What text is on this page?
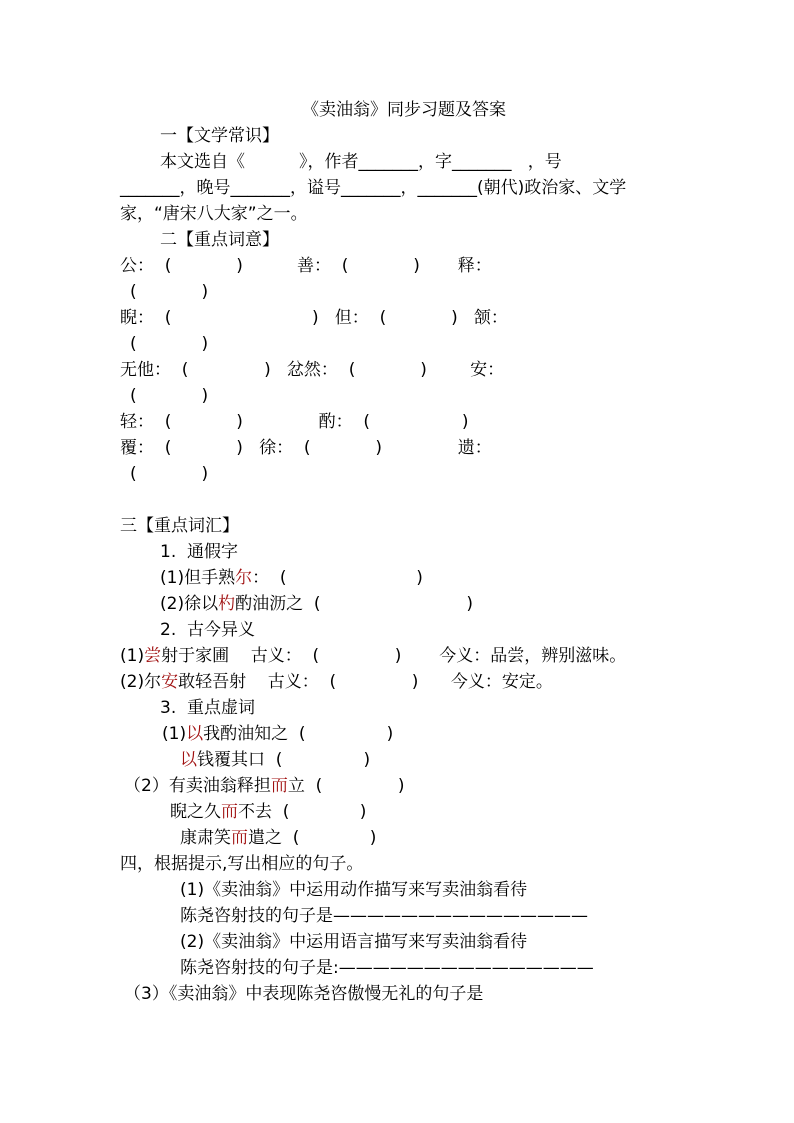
《卖油翁》同步习题及答案
一【文学常识】
本文选自《          》，作者_______，字_______   ，号
_______，晚号_______，谥号_______，_______(朝代)政治家、文学
家，“唐宋八大家”之一。
二【重点词意】
公：  (            )          善：  (            )       释：
(            )
睨：  (                          )   但：  (            )   颔：
(            )
无他：  (              )   忿然：  (            )        安：
(            )
轻：  (            )              酌：  (                 )
覆：  (            )   徐：  (            )              遗：
(            )
三【重点词汇】
1.  通假字
(1)但手熟尔：  (                        )
(2)徐以杓酌油沥之  (                           )
2.  古今异义
(1)尝射于家圃    古义：  (              )       今义：品尝，辨别滋味。
(2)尔安敢轻吾射    古义：  (              )      今义：安定。
3.  重点虚词
(1)以我酌油知之  (               )
以钱覆其口  (               )
（2）有卖油翁释担而立  (              )
睨之久而不去  (             )
康肃笑而遣之  (             )
四，根据提示,写出相应的句子。
(1)《卖油翁》中运用动作描写来写卖油翁看待
陈尧咨射技的句子是———————————————
(2)《卖油翁》中运用语言描写来写卖油翁看待
陈尧咨射技的句子是:———————————————
（3）《卖油翁》中表现陈尧咨傲慢无礼的句子是
